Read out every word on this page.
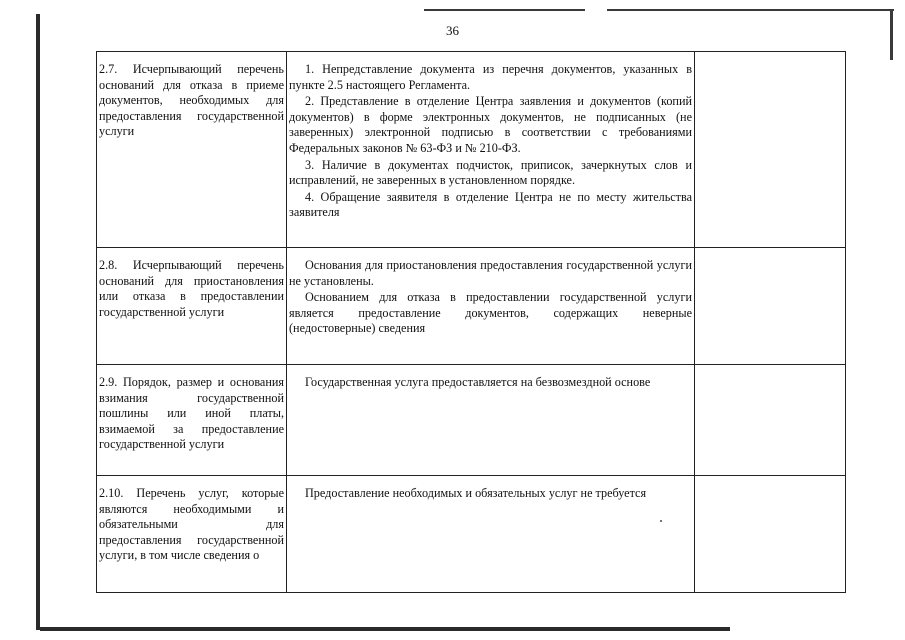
36
2.7. Исчерпывающий перечень оснований для отказа в приеме документов, необходимых для предоставления государственной услуги	1. Непредставление документа из перечня документов, указанных в пункте 2.5 настоящего Регламента.
2. Представление в отделение Центра заявления и документов (копий документов) в форме электронных документов, не подписанных (не заверенных) электронной подписью в соответствии с требованиями Федеральных законов № 63-ФЗ и № 210-ФЗ.
3. Наличие в документах подчисток, приписок, зачеркнутых слов и исправлений, не заверенных в установленном порядке.
4. Обращение заявителя в отделение Центра не по месту жительства заявителя	

2.8. Исчерпывающий перечень оснований для приостановления или отказа в предоставлении государственной услуги	Основания для приостановления предоставления государственной услуги не установлены.
Основанием для отказа в предоставлении государственной услуги является предоставление документов, содержащих неверные (недостоверные) сведения	

2.9. Порядок, размер и основания взимания государственной пошлины или иной платы, взимаемой за предоставление государственной услуги	Государственная услуга предоставляется на безвозмездной основе	

2.10. Перечень услуг, которые являются необходимыми и обязательными для предоставления государственной услуги, в том числе сведения о	Предоставление необходимых и обязательных услуг не требуется	
